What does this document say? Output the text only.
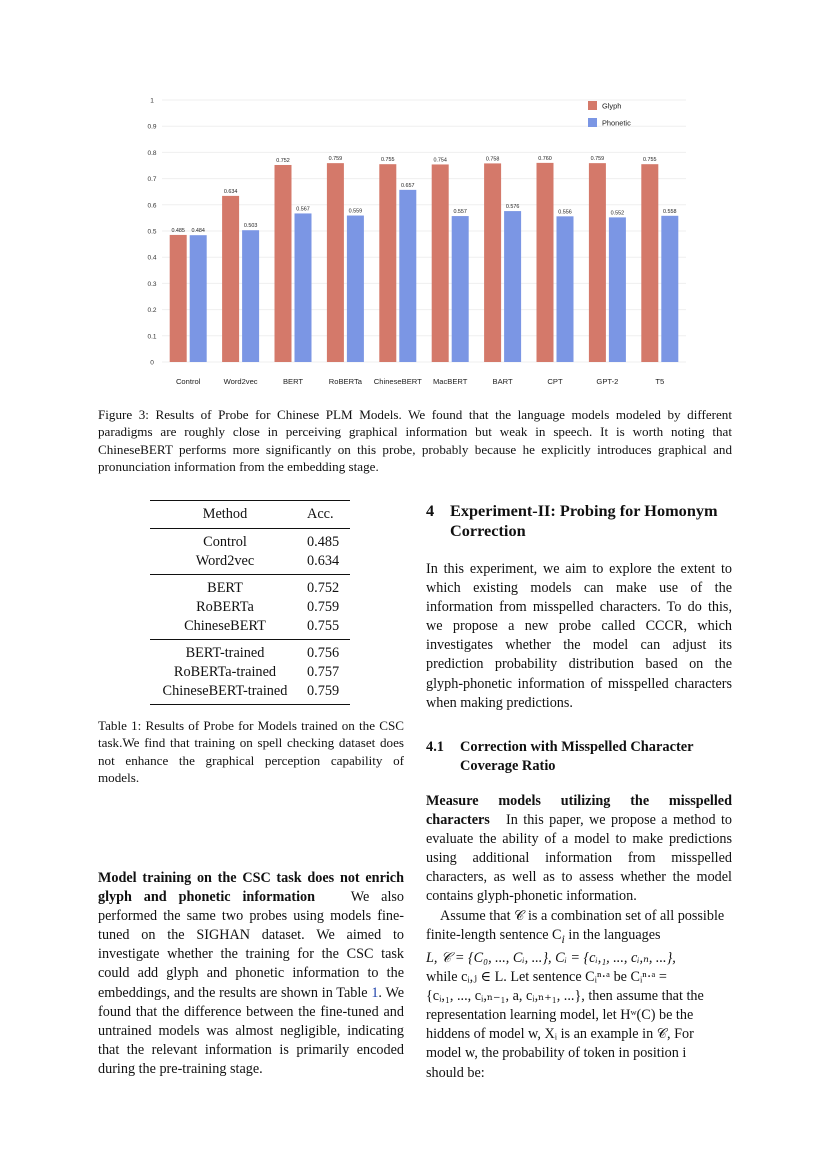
0
0.1
0.2
0.3
0.4
0.5
0.6
0.7
0.8
0.9
1
0.485 0.484
0.634
0.503
0.752
0.567
0.759
0.559
0.755
0.657
0.754
0.557
0.758
0.576
0.760
0.556
0.759
0.552
0.755
0.558
Control	Word2vec	BERT	RoBERTa ChineseBERT MacBERT	BART	CPT	GPT-2	T5
Glyph
Phonetic
Figure 3: Results of Probe for Chinese PLM Models. We found that the language models modeled by different paradigms are roughly close in perceiving graphical information but weak in speech. It is worth noting that ChineseBERT performs more significantly on this probe, probably because he explicitly introduces graphical and pronunciation information from the embedding stage.
Method	Acc.
Control	0.485
Word2vec	0.634
BERT	0.752
RoBERTa	0.759
ChineseBERT	0.755
BERT-trained	0.756
RoBERTa-trained	0.757
ChineseBERT-trained	0.759
Table 1: Results of Probe for Models trained on the CSC task.We find that training on spell checking dataset does not enhance the graphical perception capability of models.
Model training on the CSC task does not enrich glyph and phonetic information	We also performed the same two probes using models fine-tuned on the SIGHAN dataset. We aimed to investigate whether the training for the CSC task could add glyph and phonetic information to the embeddings, and the results are shown in Table 1. We found that the difference between the fine-tuned and untrained models was almost negligible, indicating that the relevant information is primarily encoded during the pre-training stage.
4 Experiment-II: Probing for Homonym Correction
In this experiment, we aim to explore the extent to which existing models can make use of the information from misspelled characters. To do this, we propose a new probe called CCCR, which investigates whether the model can adjust its prediction probability distribution based on the glyph-phonetic information of misspelled characters when making predictions.
4.1 Correction with Misspelled Character Coverage Ratio
Measure models utilizing the misspelled characters In this paper, we propose a method to evaluate the ability of a model to make predictions using additional information from misspelled characters, as well as to assess whether the model contains glyph-phonetic information.
Assume that 𝒞 is a combination set of all possible finite-length sentence $C_i$ in the languages
L, 𝒞 = {C₀, ..., Cᵢ, ...}, Cᵢ = {cᵢ,₁, ..., cᵢ,ₙ, ...},
while cᵢ,ⱼ ∈ L. Let sentence Cᵢⁿ·ᵃ be Cᵢⁿ·ᵃ =
{cᵢ,₁, ..., cᵢ,ₙ₋₁, a, cᵢ,ₙ₊₁, ...}, then assume that the
representation learning model, let Hʷ(C) be the
hiddens of model w, Xᵢ is an example in 𝒞, For
model w, the probability of token in position i
should be:
